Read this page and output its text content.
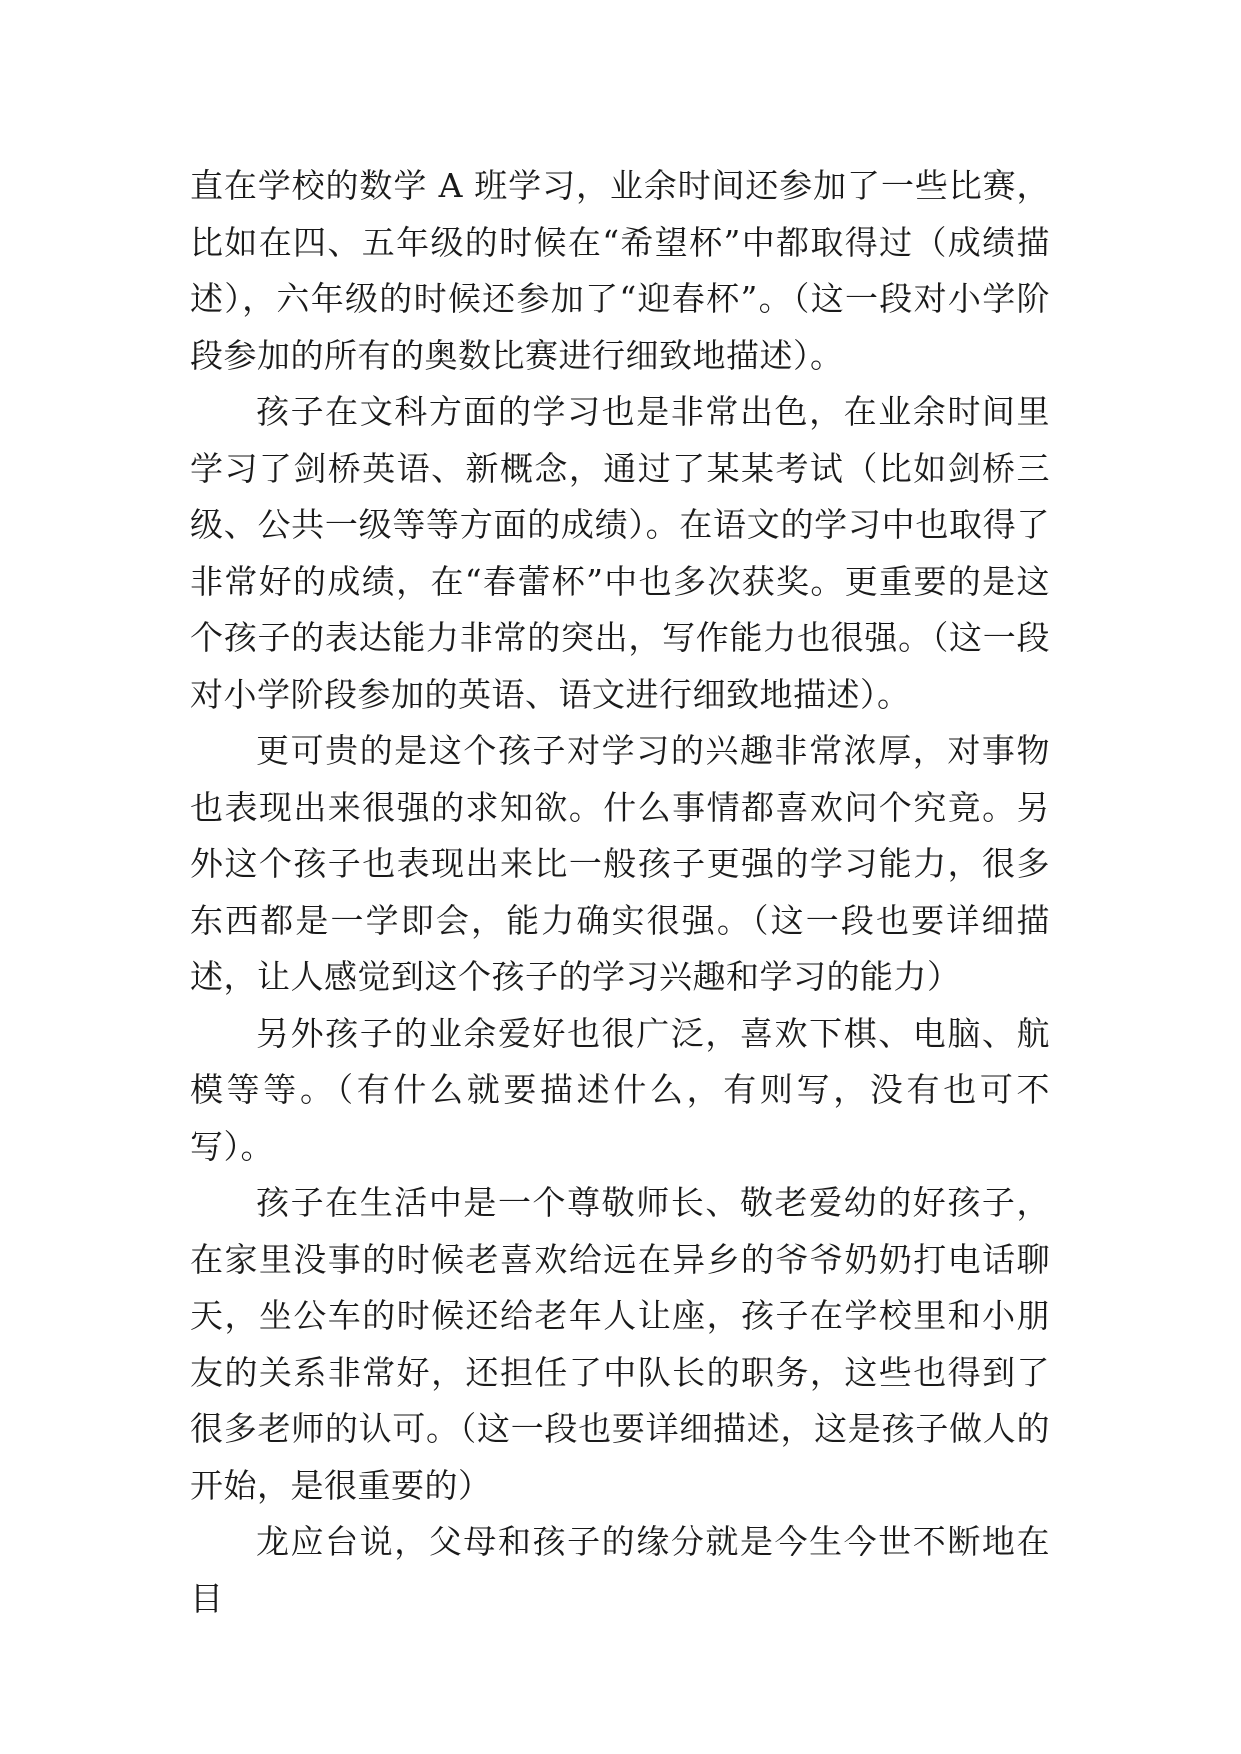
直在学校的数学 A 班学习，业余时间还参加了一些比赛，比如在四、五年级的时候在“希望杯”中都取得过（成绩描述），六年级的时候还参加了“迎春杯”。（这一段对小学阶段参加的所有的奥数比赛进行细致地描述）。

孩子在文科方面的学习也是非常出色，在业余时间里学习了剑桥英语、新概念，通过了某某考试（比如剑桥三级、公共一级等等方面的成绩）。在语文的学习中也取得了非常好的成绩，在“春蕾杯”中也多次获奖。更重要的是这个孩子的表达能力非常的突出，写作能力也很强。（这一段对小学阶段参加的英语、语文进行细致地描述）。

更可贵的是这个孩子对学习的兴趣非常浓厚，对事物也表现出来很强的求知欲。什么事情都喜欢问个究竟。另外这个孩子也表现出来比一般孩子更强的学习能力，很多东西都是一学即会，能力确实很强。（这一段也要详细描述，让人感觉到这个孩子的学习兴趣和学习的能力）

另外孩子的业余爱好也很广泛，喜欢下棋、电脑、航模等等。（有什么就要描述什么，有则写，没有也可不写）。

孩子在生活中是一个尊敬师长、敬老爱幼的好孩子，在家里没事的时候老喜欢给远在异乡的爷爷奶奶打电话聊天，坐公车的时候还给老年人让座，孩子在学校里和小朋友的关系非常好，还担任了中队长的职务，这些也得到了很多老师的认可。（这一段也要详细描述，这是孩子做人的开始，是很重要的）

龙应台说，父母和孩子的缘分就是今生今世不断地在目
